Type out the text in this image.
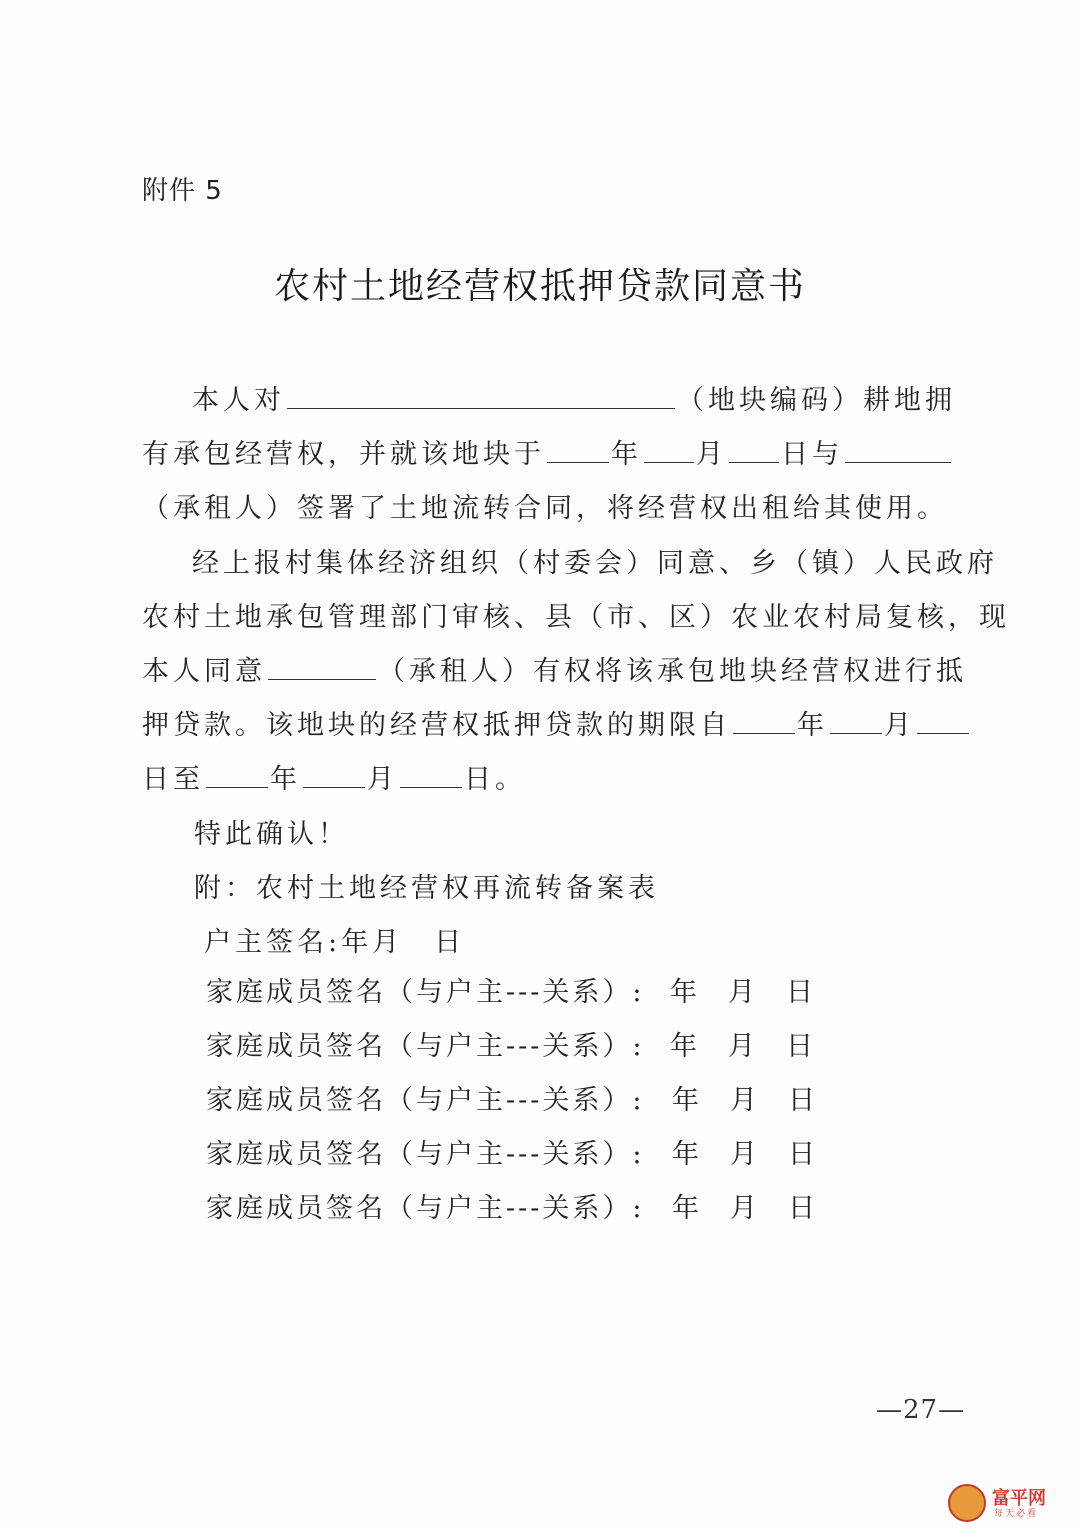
附件 5
农村土地经营权抵押贷款同意书
本人对	（地块编码）耕地拥
有承包经营权，并就该地块于 年 月 日与
（承租人）签署了土地流转合同，将经营权出租给其使用。
经上报村集体经济组织（村委会）同意、乡（镇）人民政府
农村土地承包管理部门审核、县（市、区）农业农村局复核，现
本人同意	（承租人）有权将该承包地块经营权进行抵
押贷款。该地块的经营权抵押贷款的期限自 年 月
日至 年 月 日。
特此确认！
附：农村土地经营权再流转备案表
户主签名:年月　日
家庭成员签名（与户主---关系）: 年 月 日
家庭成员签名（与户主---关系）: 年 月 日
家庭成员签名（与户主---关系）: 年 月 日
家庭成员签名（与户主---关系）: 年 月 日
家庭成员签名（与户主---关系）: 年 月 日
—27—
富平网
每天必看
